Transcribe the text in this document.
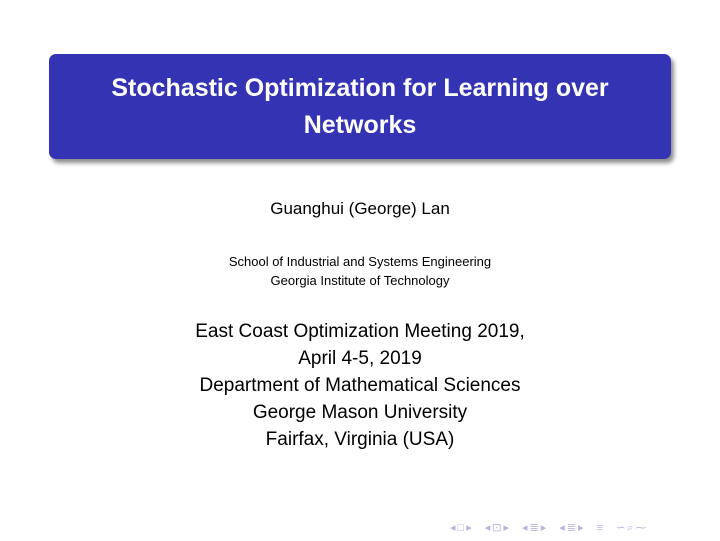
Stochastic Optimization for Learning over Networks
Guanghui (George) Lan
School of Industrial and Systems Engineering
Georgia Institute of Technology
East Coast Optimization Meeting 2019,
April 4-5, 2019
Department of Mathematical Sciences
George Mason University
Fairfax, Virginia (USA)
◂ □ ▸ ◂ ⊡ ▸ ◂ ≣ ▸ ◂ ≣ ▸ ≡ ∽ ⌕ ⁓
